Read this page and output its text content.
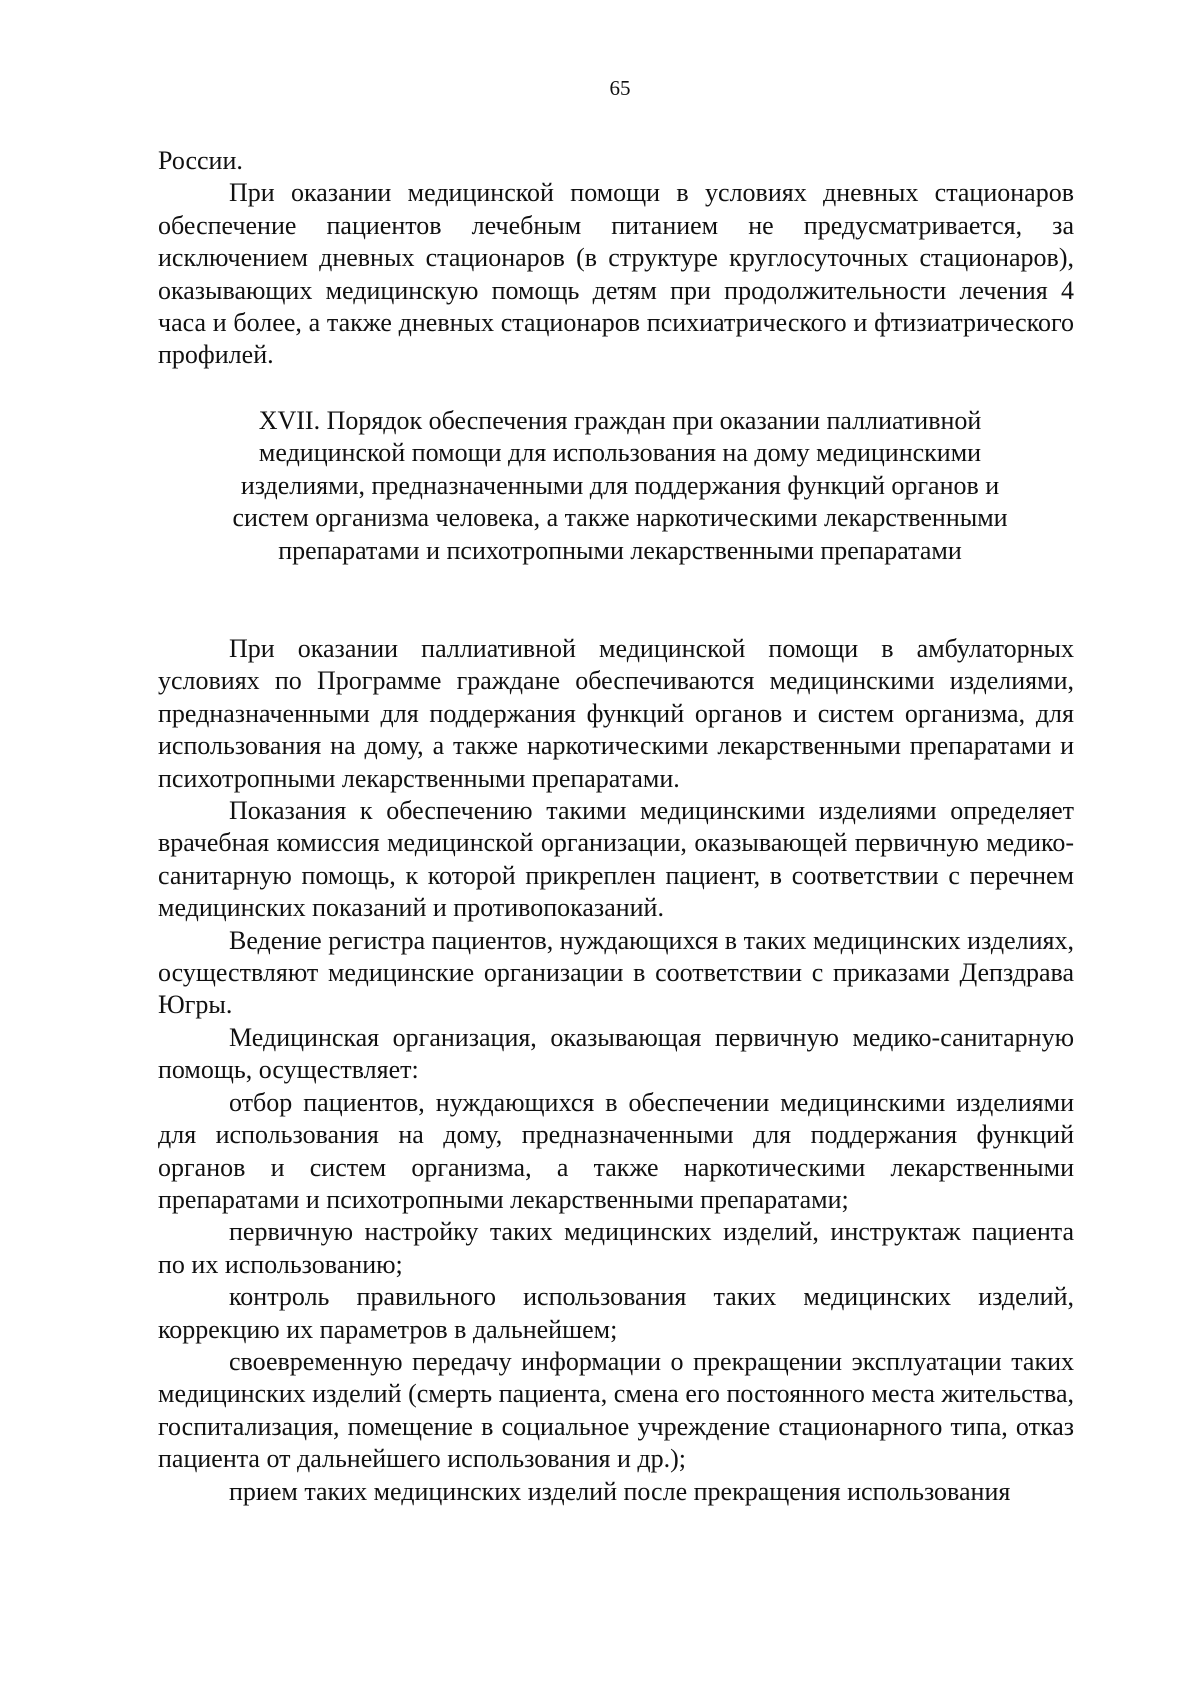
65

России.

При оказании медицинской помощи в условиях дневных стационаров обеспечение пациентов лечебным питанием не предусматривается, за исключением дневных стационаров (в структуре круглосуточных стационаров), оказывающих медицинскую помощь детям при продолжительности лечения 4 часа и более, а также дневных стационаров психиатрического и фтизиатрического профилей.

XVII. Порядок обеспечения граждан при оказании паллиативной медицинской помощи для использования на дому медицинскими изделиями, предназначенными для поддержания функций органов и систем организма человека, а также наркотическими лекарственными препаратами и психотропными лекарственными препаратами

При оказании паллиативной медицинской помощи в амбулаторных условиях по Программе граждане обеспечиваются медицинскими изделиями, предназначенными для поддержания функций органов и систем организма, для использования на дому, а также наркотическими лекарственными препаратами и психотропными лекарственными препаратами.

Показания к обеспечению такими медицинскими изделиями определяет врачебная комиссия медицинской организации, оказывающей первичную медико-санитарную помощь, к которой прикреплен пациент, в соответствии с перечнем медицинских показаний и противопоказаний.

Ведение регистра пациентов, нуждающихся в таких медицинских изделиях, осуществляют медицинские организации в соответствии с приказами Депздрава Югры.

Медицинская организация, оказывающая первичную медико-санитарную помощь, осуществляет:

отбор пациентов, нуждающихся в обеспечении медицинскими изделиями для использования на дому, предназначенными для поддержания функций органов и систем организма, а также наркотическими лекарственными препаратами и психотропными лекарственными препаратами;

первичную настройку таких медицинских изделий, инструктаж пациента по их использованию;

контроль правильного использования таких медицинских изделий, коррекцию их параметров в дальнейшем;

своевременную передачу информации о прекращении эксплуатации таких медицинских изделий (смерть пациента, смена его постоянного места жительства, госпитализация, помещение в социальное учреждение стационарного типа, отказ пациента от дальнейшего использования и др.);

прием таких медицинских изделий после прекращения использования
